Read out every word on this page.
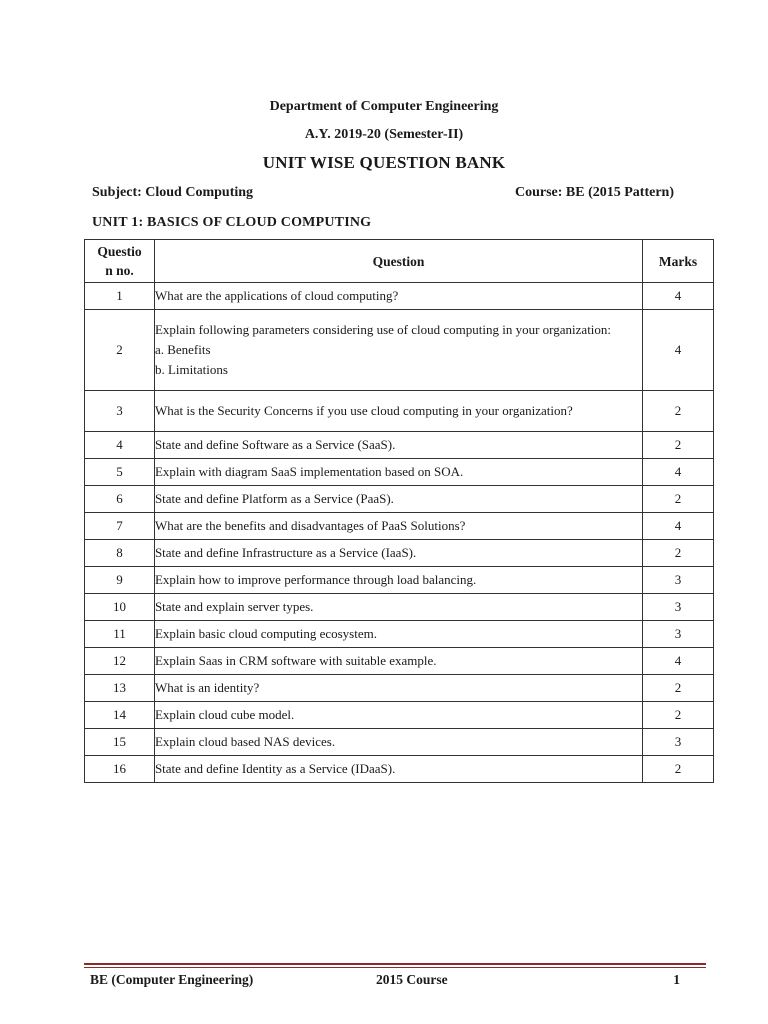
Department of Computer Engineering
A.Y. 2019-20 (Semester-II)
UNIT WISE QUESTION BANK
Subject: Cloud Computing	Course: BE (2015 Pattern)
UNIT 1: BASICS OF CLOUD COMPUTING
Questio
n no.	Question	Marks
1	What are the applications of cloud computing?	4
2	Explain following parameters considering use of cloud computing in your organization:
a. Benefits
b. Limitations	4
3	What is the Security Concerns if you use cloud computing in your organization?	2
4	State and define Software as a Service (SaaS).	2
5	Explain with diagram SaaS implementation based on SOA.	4
6	State and define Platform as a Service (PaaS).	2
7	What are the benefits and disadvantages of PaaS Solutions?	4
8	State and define Infrastructure as a Service (IaaS).	2
9	Explain how to improve performance through load balancing.	3
10	State and explain server types.	3
11	Explain basic cloud computing ecosystem.	3
12	Explain Saas in CRM software with suitable example.	4
13	What is an identity?	2
14	Explain cloud cube model.	2
15	Explain cloud based NAS devices.	3
16	State and define Identity as a Service (IDaaS).	2
BE (Computer Engineering)	2015 Course	1
